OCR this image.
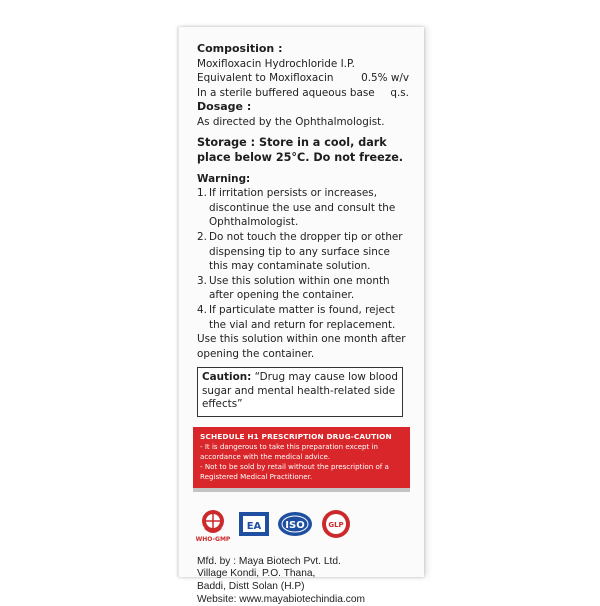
Composition :
Moxifloxacin Hydrochloride I.P.
Equivalent to Moxifloxacin	0.5% w/v
In a sterile buffered aqueous base q.s.
Dosage :
As directed by the Ophthalmologist.
Storage : Store in a cool, dark
place below 25°C. Do not freeze.
Warning:
1. If irritation persists or increases, discontinue the use and consult the Ophthalmologist.
2. Do not touch the dropper tip or other dispensing tip to any surface since this may contaminate solution.
3. Use this solution within one month after opening the container.
4. If particulate matter is found, reject the vial and return for replacement.
Use this solution within one month after opening the container.
Caution: “Drug may cause low blood sugar and mental health-related side effects”
SCHEDULE H1 PRESCRIPTION DRUG-CAUTION
- It is dangerous to take this preparation except in accordance with the medical advice.
- Not to be sold by retail without the prescription of a Registered Medical Practitioner.
WHO-GMP
EA ISO	GLP
Mfd. by : Maya Biotech Pvt. Ltd.
Village Kondi, P.O. Thana,
Baddi, Distt Solan (H.P)
Website: www.mayabiotechindia.com
